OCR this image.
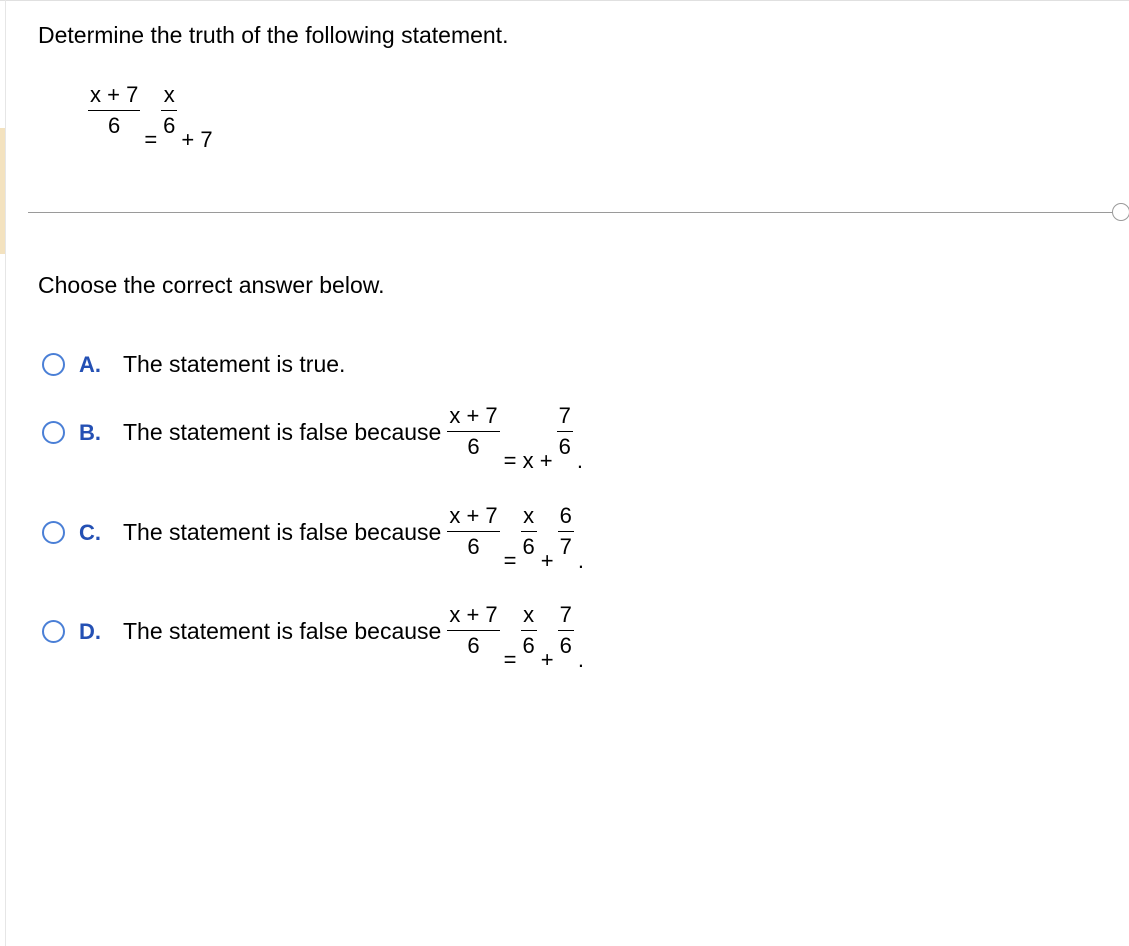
Determine the truth of the following statement.
$\frac{x + 7}{6}$
=
$\frac{x}{6}$
+ 7
Choose the correct answer below.
A. The statement is true.
B. The statement is false because $\frac{x + 7}{6}$
= x +
$\frac{7}{6}$
.
C. The statement is false because $\frac{x + 7}{6}$
=
$\frac{x}{6}$
+
$\frac{6}{7}$
.
D. The statement is false because $\frac{x + 7}{6}$
=
$\frac{x}{6}$
+
$\frac{7}{6}$
.
